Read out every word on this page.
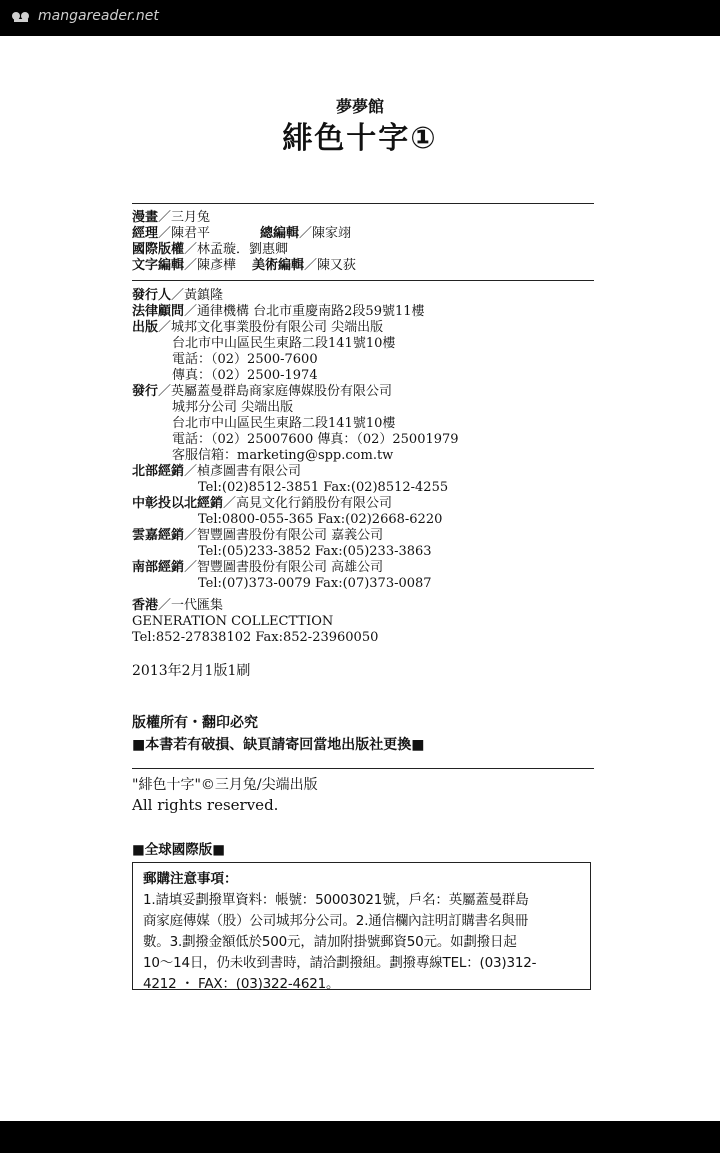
mangareader.net
夢夢館
緋色十字①
漫畫／三月兔
經理／陳君平	總編輯／陳家翊
國際版權／林孟璇．劉惠卿
文字編輯／陳彥樺 美術編輯／陳又荻
發行人／黃鎮隆
法律顧問／通律機構 台北市重慶南路2段59號11樓
出版／城邦文化事業股份有限公司 尖端出版
台北市中山區民生東路二段141號10樓
電話：（02）2500-7600
傳真：（02）2500-1974
發行／英屬蓋曼群島商家庭傳媒股份有限公司
城邦分公司 尖端出版
台北市中山區民生東路二段141號10樓
電話：（02）25007600 傳真：（02）25001979
客服信箱：marketing@spp.com.tw
北部經銷／楨彥圖書有限公司
Tel:(02)8512-3851 Fax:(02)8512-4255
中彰投以北經銷／高見文化行銷股份有限公司
Tel:0800-055-365 Fax:(02)2668-6220
雲嘉經銷／智豐圖書股份有限公司 嘉義公司
Tel:(05)233-3852 Fax:(05)233-3863
南部經銷／智豐圖書股份有限公司 高雄公司
Tel:(07)373-0079 Fax:(07)373-0087
香港／一代匯集
GENERATION COLLECTTION
Tel:852-27838102 Fax:852-23960050
2013年2月1版1刷
版權所有・翻印必究
■本書若有破損、缺頁請寄回當地出版社更換■
"緋色十字"©三月兔/尖端出版
All rights reserved.
■全球國際版■
郵購注意事項：
1.請填妥劃撥單資料：帳號：50003021號，戶名：英屬蓋曼群島
商家庭傳媒（股）公司城邦分公司。2.通信欄內註明訂購書名與冊
數。3.劃撥金額低於500元，請加附掛號郵資50元。如劃撥日起
10～14日，仍未收到書時，請洽劃撥組。劃撥專線TEL：(03)312-
4212 ・ FAX：(03)322-4621。
